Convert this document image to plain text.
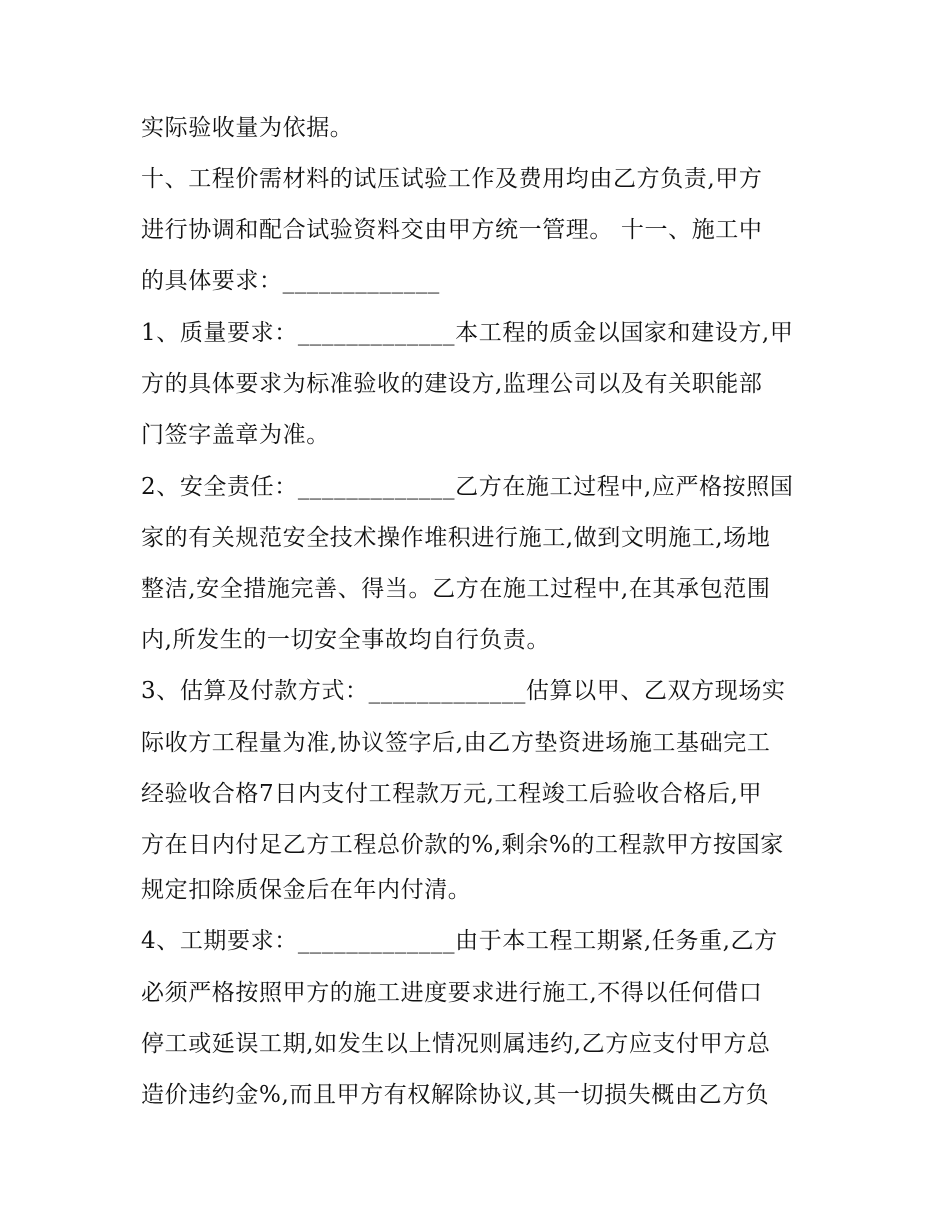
实际验收量为依据。
十、工程价需材料的试压试验工作及费用均由乙方负责,甲方
进行协调和配合试验资料交由甲方统一管理。 十一、施工中
的具体要求：_____________
1、质量要求：_____________本工程的质金以国家和建设方,甲
方的具体要求为标准验收的建设方,监理公司以及有关职能部
门签字盖章为准。
2、安全责任：_____________乙方在施工过程中,应严格按照国
家的有关规范安全技术操作堆积进行施工,做到文明施工,场地
整洁,安全措施完善、得当。乙方在施工过程中,在其承包范围
内,所发生的一切安全事故均自行负责。
3、估算及付款方式：_____________估算以甲、乙双方现场实
际收方工程量为准,协议签字后,由乙方垫资进场施工基础完工
经验收合格7日内支付工程款万元,工程竣工后验收合格后,甲
方在日内付足乙方工程总价款的%,剩余%的工程款甲方按国家
规定扣除质保金后在年内付清。
4、工期要求：_____________由于本工程工期紧,任务重,乙方
必须严格按照甲方的施工进度要求进行施工,不得以任何借口
停工或延误工期,如发生以上情况则属违约,乙方应支付甲方总
造价违约金%,而且甲方有权解除协议,其一切损失概由乙方负
